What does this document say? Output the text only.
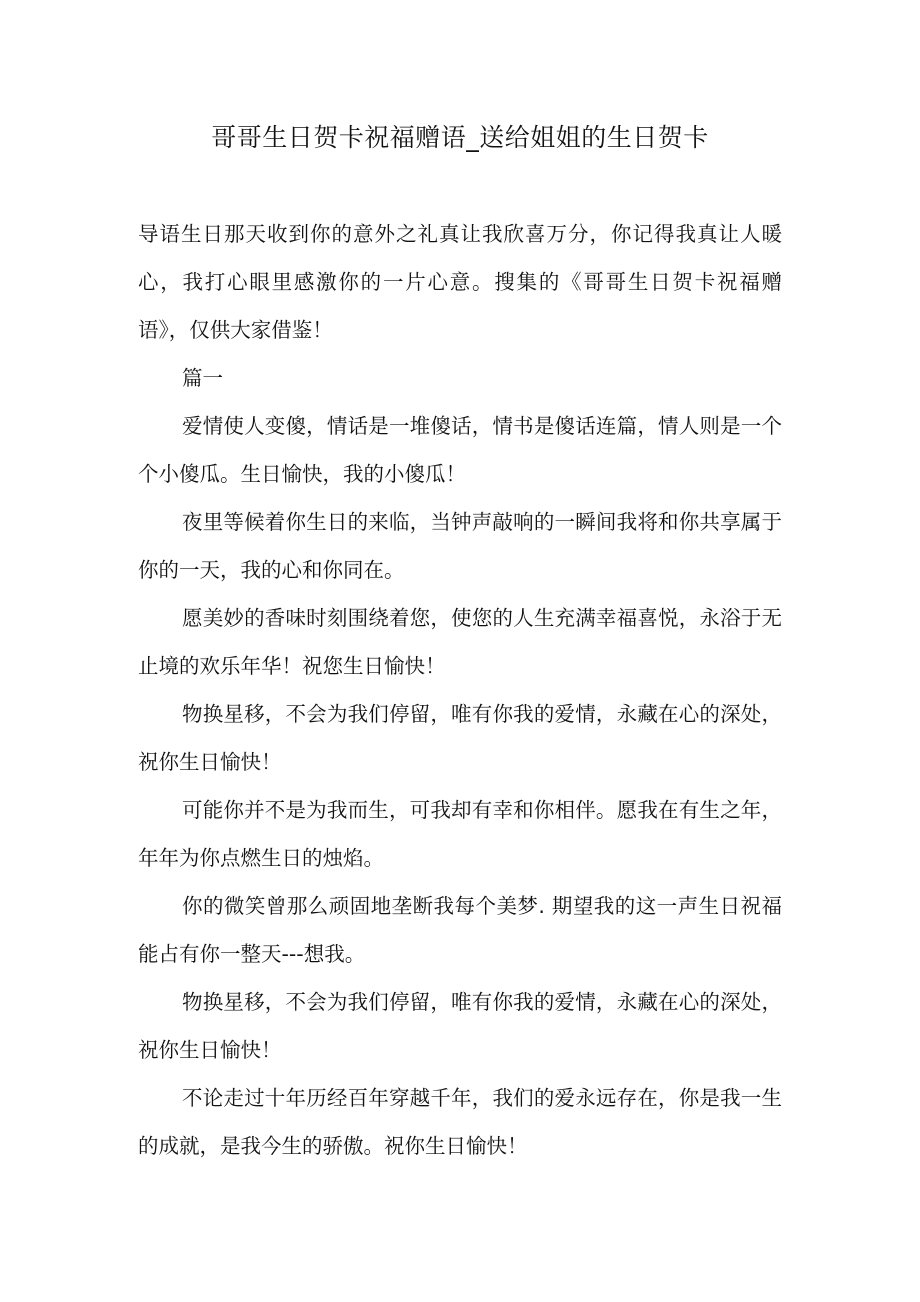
哥哥生日贺卡祝福赠语_送给姐姐的生日贺卡

导语生日那天收到你的意外之礼真让我欣喜万分，你记得我真让人暖心，我打心眼里感激你的一片心意。搜集的《哥哥生日贺卡祝福赠语》，仅供大家借鉴！

篇一

爱情使人变傻，情话是一堆傻话，情书是傻话连篇，情人则是一个个小傻瓜。生日愉快，我的小傻瓜！

夜里等候着你生日的来临，当钟声敲响的一瞬间我将和你共享属于你的一天，我的心和你同在。

愿美妙的香味时刻围绕着您，使您的人生充满幸福喜悦，永浴于无止境的欢乐年华！祝您生日愉快！

物换星移，不会为我们停留，唯有你我的爱情，永藏在心的深处，祝你生日愉快！

可能你并不是为我而生，可我却有幸和你相伴。愿我在有生之年，年年为你点燃生日的烛焰。

你的微笑曾那么顽固地垄断我每个美梦. 期望我的这一声生日祝福能占有你一整天---想我。

物换星移，不会为我们停留，唯有你我的爱情，永藏在心的深处，祝你生日愉快！

不论走过十年历经百年穿越千年，我们的爱永远存在，你是我一生的成就，是我今生的骄傲。祝你生日愉快！
